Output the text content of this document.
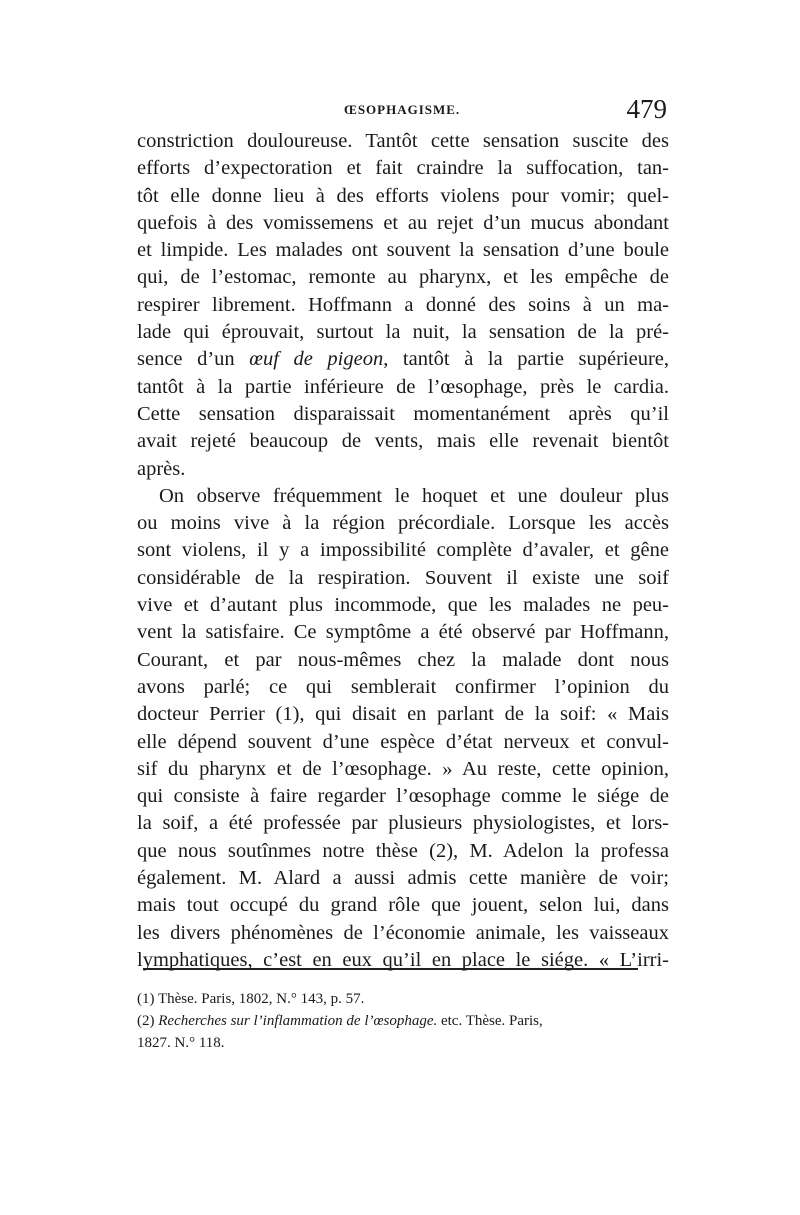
ŒSOPHAGISME.	479
constriction douloureuse. Tantôt cette sensation suscite des
efforts d’expectoration et fait craindre la suffocation, tan-
tôt elle donne lieu à des efforts violens pour vomir; quel-
quefois à des vomissemens et au rejet d’un mucus abondant
et limpide. Les malades ont souvent la sensation d’une boule
qui, de l’estomac, remonte au pharynx, et les empêche de
respirer librement. Hoffmann a donné des soins à un ma-
lade qui éprouvait, surtout la nuit, la sensation de la pré-
sence d’un œuf de pigeon, tantôt à la partie supérieure,
tantôt à la partie inférieure de l’œsophage, près le cardia.
Cette sensation disparaissait momentanément après qu’il
avait rejeté beaucoup de vents, mais elle revenait bientôt
après.
On observe fréquemment le hoquet et une douleur plus
ou moins vive à la région précordiale. Lorsque les accès
sont violens, il y a impossibilité complète d’avaler, et gêne
considérable de la respiration. Souvent il existe une soif
vive et d’autant plus incommode, que les malades ne peu-
vent la satisfaire. Ce symptôme a été observé par Hoffmann,
Courant, et par nous-mêmes chez la malade dont nous
avons parlé; ce qui semblerait confirmer l’opinion du
docteur Perrier (1), qui disait en parlant de la soif: « Mais
elle dépend souvent d’une espèce d’état nerveux et convul-
sif du pharynx et de l’œsophage. » Au reste, cette opinion,
qui consiste à faire regarder l’œsophage comme le siége de
la soif, a été professée par plusieurs physiologistes, et lors-
que nous soutînmes notre thèse (2), M. Adelon la professa
également. M. Alard a aussi admis cette manière de voir;
mais tout occupé du grand rôle que jouent, selon lui, dans
les divers phénomènes de l’économie animale, les vaisseaux
lymphatiques, c’est en eux qu’il en place le siége. « L’irri-
(1) Thèse. Paris, 1802, N.° 143, p. 57.
(2) Recherches sur l’inflammation de l’œsophage. etc. Thèse. Paris,
1827. N.° 118.
